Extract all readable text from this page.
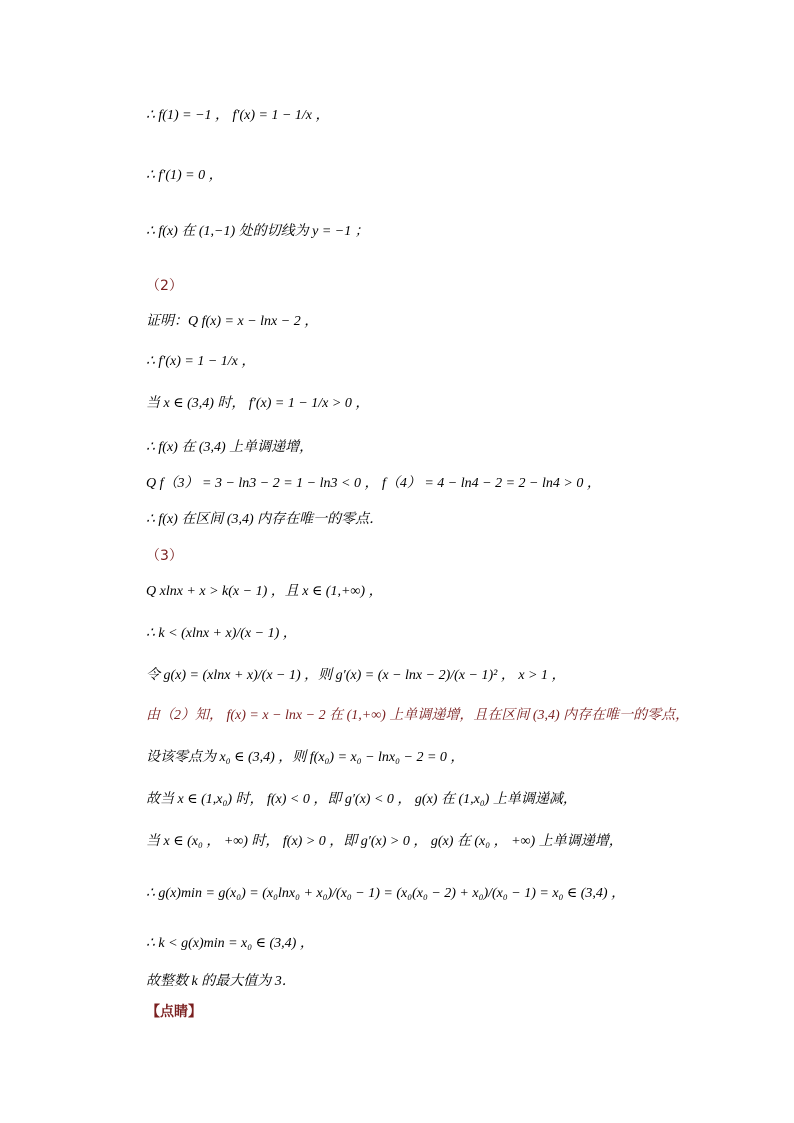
∴ f(1) = −1 ， f′(x) = 1 − 1/x ，
∴ f′(1) = 0 ，
∴ f(x) 在 (1,−1) 处的切线为 y = −1 ；
（2）
证明：Q f(x) = x − lnx − 2 ，
∴ f′(x) = 1 − 1/x ，
当 x ∈ (3,4) 时， f′(x) = 1 − 1/x > 0 ，
∴ f(x) 在 (3,4) 上单调递增，
Q f（3） = 3 − ln3 − 2 = 1 − ln3 < 0 ， f（4） = 4 − ln4 − 2 = 2 − ln4 > 0 ，
∴ f(x) 在区间 (3,4) 内存在唯一的零点．
（3）
Q xlnx + x > k(x − 1) ，且 x ∈ (1,+∞) ，
∴ k < (xlnx + x)/(x − 1) ，
令 g(x) = (xlnx + x)/(x − 1) ，则 g′(x) = (x − lnx − 2)/(x − 1)² ， x > 1 ，
由（2）知， f(x) = x − lnx − 2 在 (1,+∞) 上单调递增，且在区间 (3,4) 内存在唯一的零点，
设该零点为 x₀ ∈ (3,4) ，则 f(x₀) = x₀ − lnx₀ − 2 = 0 ，
故当 x ∈ (1,x₀) 时， f(x) < 0 ，即 g′(x) < 0 ， g(x) 在 (1,x₀) 上单调递减，
当 x ∈ (x₀ ， +∞) 时， f(x) > 0 ，即 g′(x) > 0 ， g(x) 在 (x₀ ， +∞) 上单调递增，
∴ g(x)min = g(x₀) = (x₀lnx₀ + x₀)/(x₀ − 1) = (x₀(x₀ − 2) + x₀)/(x₀ − 1) = x₀ ∈ (3,4) ，
∴ k < g(x)min = x₀ ∈ (3,4) ，
故整数 k 的最大值为 3．
【点睛】
